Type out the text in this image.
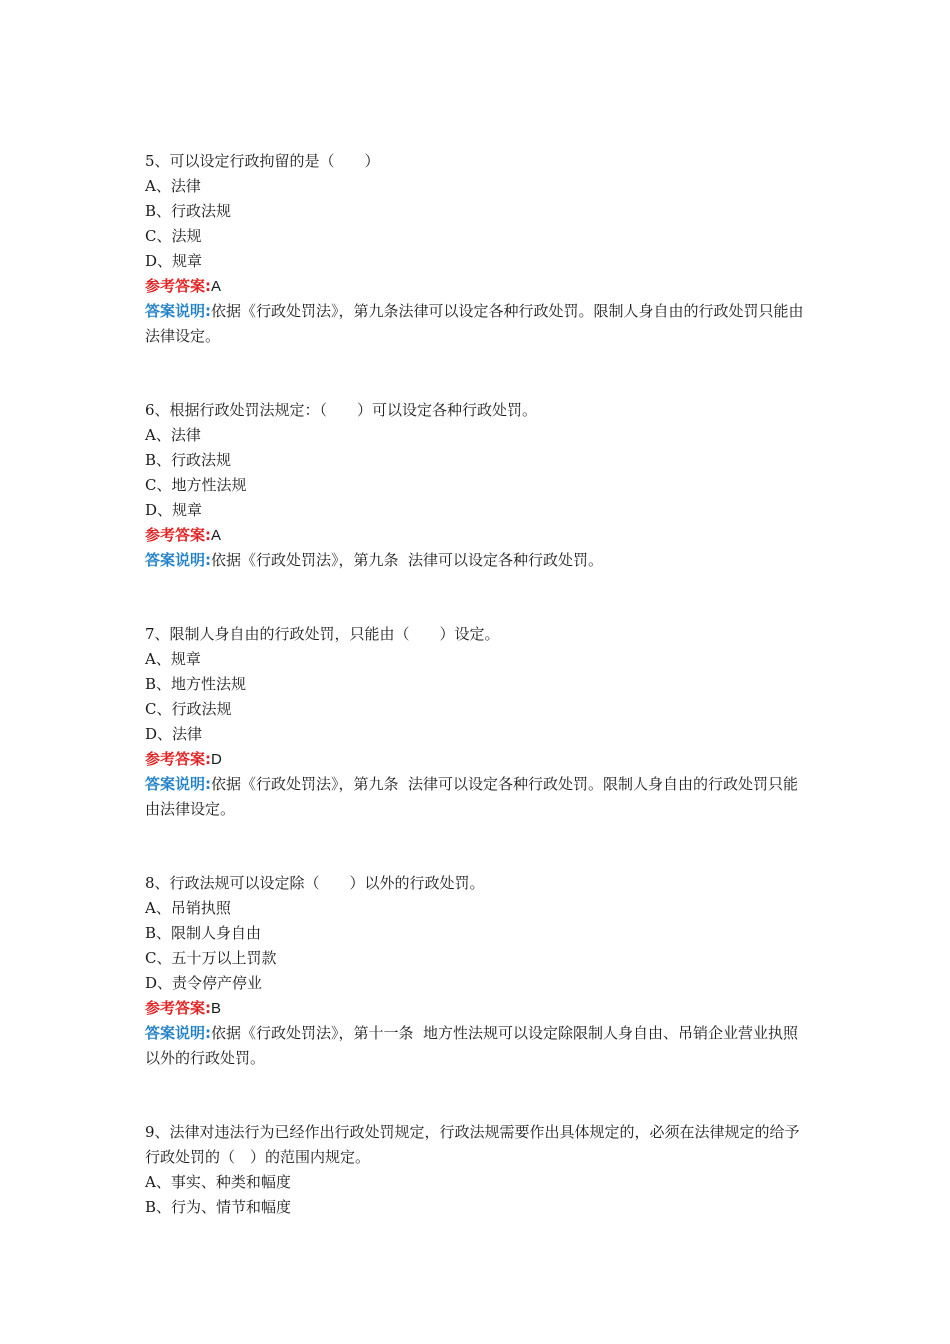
5、可以设定行政拘留的是（　　）

A、法律

B、行政法规

C、法规

D、规章

参考答案:A

答案说明:依据《行政处罚法》，第九条法律可以设定各种行政处罚。限制人身自由的行政处罚只能由法律设定。

6、根据行政处罚法规定：（　　）可以设定各种行政处罚。

A、法律

B、行政法规

C、地方性法规

D、规章

参考答案:A

答案说明:依据《行政处罚法》，第九条  法律可以设定各种行政处罚。

7、限制人身自由的行政处罚，只能由（　　）设定。

A、规章

B、地方性法规

C、行政法规

D、法律

参考答案:D

答案说明:依据《行政处罚法》，第九条  法律可以设定各种行政处罚。限制人身自由的行政处罚只能由法律设定。

8、行政法规可以设定除（　　）以外的行政处罚。

A、吊销执照

B、限制人身自由

C、五十万以上罚款

D、责令停产停业

参考答案:B

答案说明:依据《行政处罚法》，第十一条  地方性法规可以设定除限制人身自由、吊销企业营业执照以外的行政处罚。

9、法律对违法行为已经作出行政处罚规定，行政法规需要作出具体规定的，必须在法律规定的给予行政处罚的（　）的范围内规定。

A、事实、种类和幅度

B、行为、情节和幅度
